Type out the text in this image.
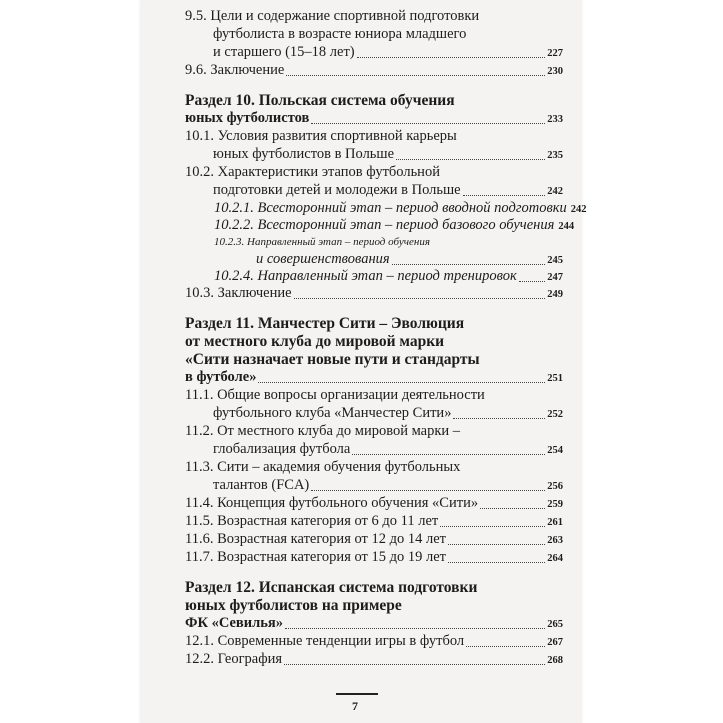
9.5. Цели и содержание спортивной подготовки
футболиста в возрасте юниора младшего
и старшего (15–18 лет)	227
9.6. Заключение	230
Раздел 10. Польская система обучения
юных футболистов	233
10.1. Условия развития спортивной карьеры
юных футболистов в Польше	235
10.2. Характеристики этапов футбольной
подготовки детей и молодежи в Польше	242
10.2.1. Всесторонний этап – период вводной подготовки 242
10.2.2. Всесторонний этап – период базового обучения 244
10.2.3. Направленный этап – период обучения
и совершенствования	245
10.2.4. Направленный этап – период тренировок	247
10.3. Заключение	249
Раздел 11. Манчестер Сити – Эволюция
от местного клуба до мировой марки
«Сити назначает новые пути и стандарты
в футболе»	251
11.1. Общие вопросы организации деятельности
футбольного клуба «Манчестер Сити»	252
11.2. От местного клуба до мировой марки –
глобализация футбола	254
11.3. Сити – академия обучения футбольных
талантов (FCA)	256
11.4. Концепция футбольного обучения «Сити»	259
11.5. Возрастная категория от 6 до 11 лет	261
11.6. Возрастная категория от 12 до 14 лет	263
11.7. Возрастная категория от 15 до 19 лет	264
Раздел 12. Испанская система подготовки
юных футболистов на примере
ФК «Севилья»	265
12.1. Современные тенденции игры в футбол	267
12.2. География	268
7
